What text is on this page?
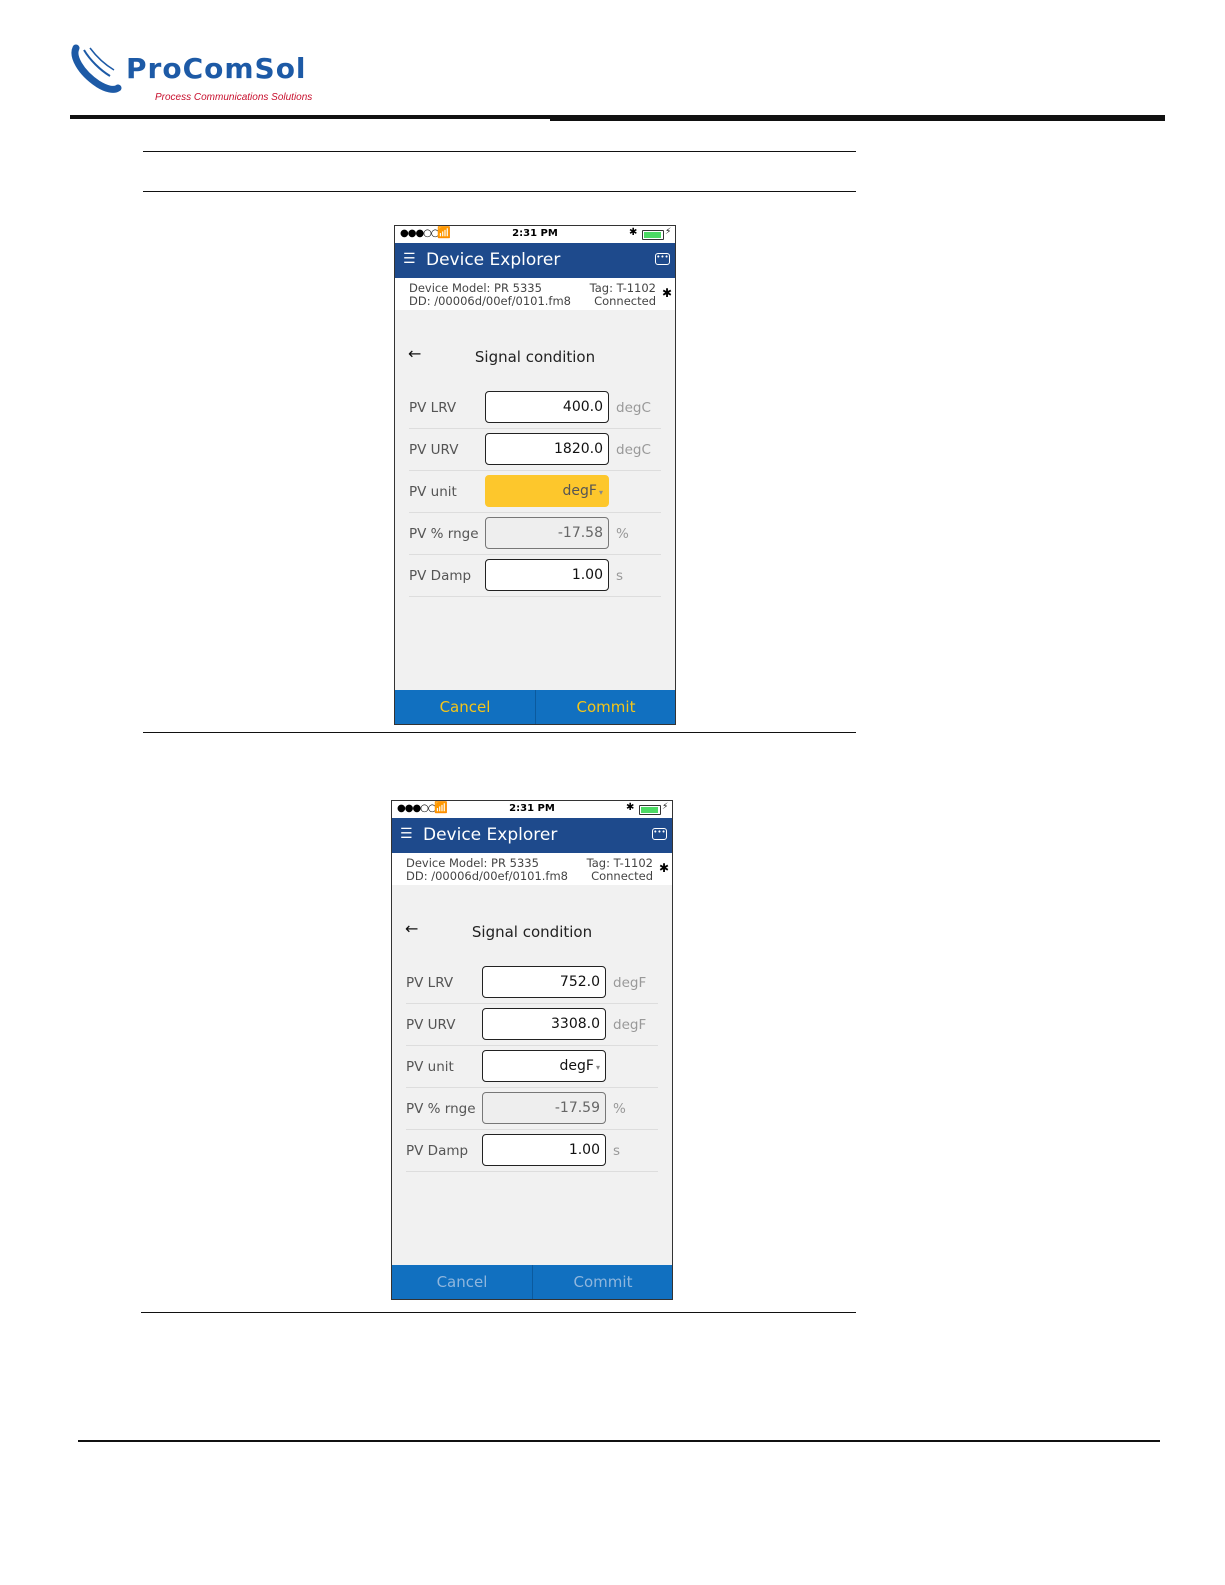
ProComSol
Process Communications Solutions
●●●○○
📶	2:31 PM	✱	⚡
☰ Device Explorer	•••
Device Model: PR 5335
DD: /00006d/00ef/0101.fm8
Tag: T-1102
Connected
✱
←	Signal condition
PV LRV	400.0 degC
PV URV	1820.0 degC
PV unit	degF ▾
PV % rnge	-17.58 %
PV Damp	1.00 s
Cancel	Commit
●●●○○
📶	2:31 PM	✱	⚡
☰ Device Explorer	•••
Device Model: PR 5335
DD: /00006d/00ef/0101.fm8
Tag: T-1102
Connected
✱
←	Signal condition
PV LRV	752.0 degF
PV URV	3308.0 degF
PV unit	degF ▾
PV % rnge	-17.59 %
PV Damp	1.00 s
Cancel	Commit
